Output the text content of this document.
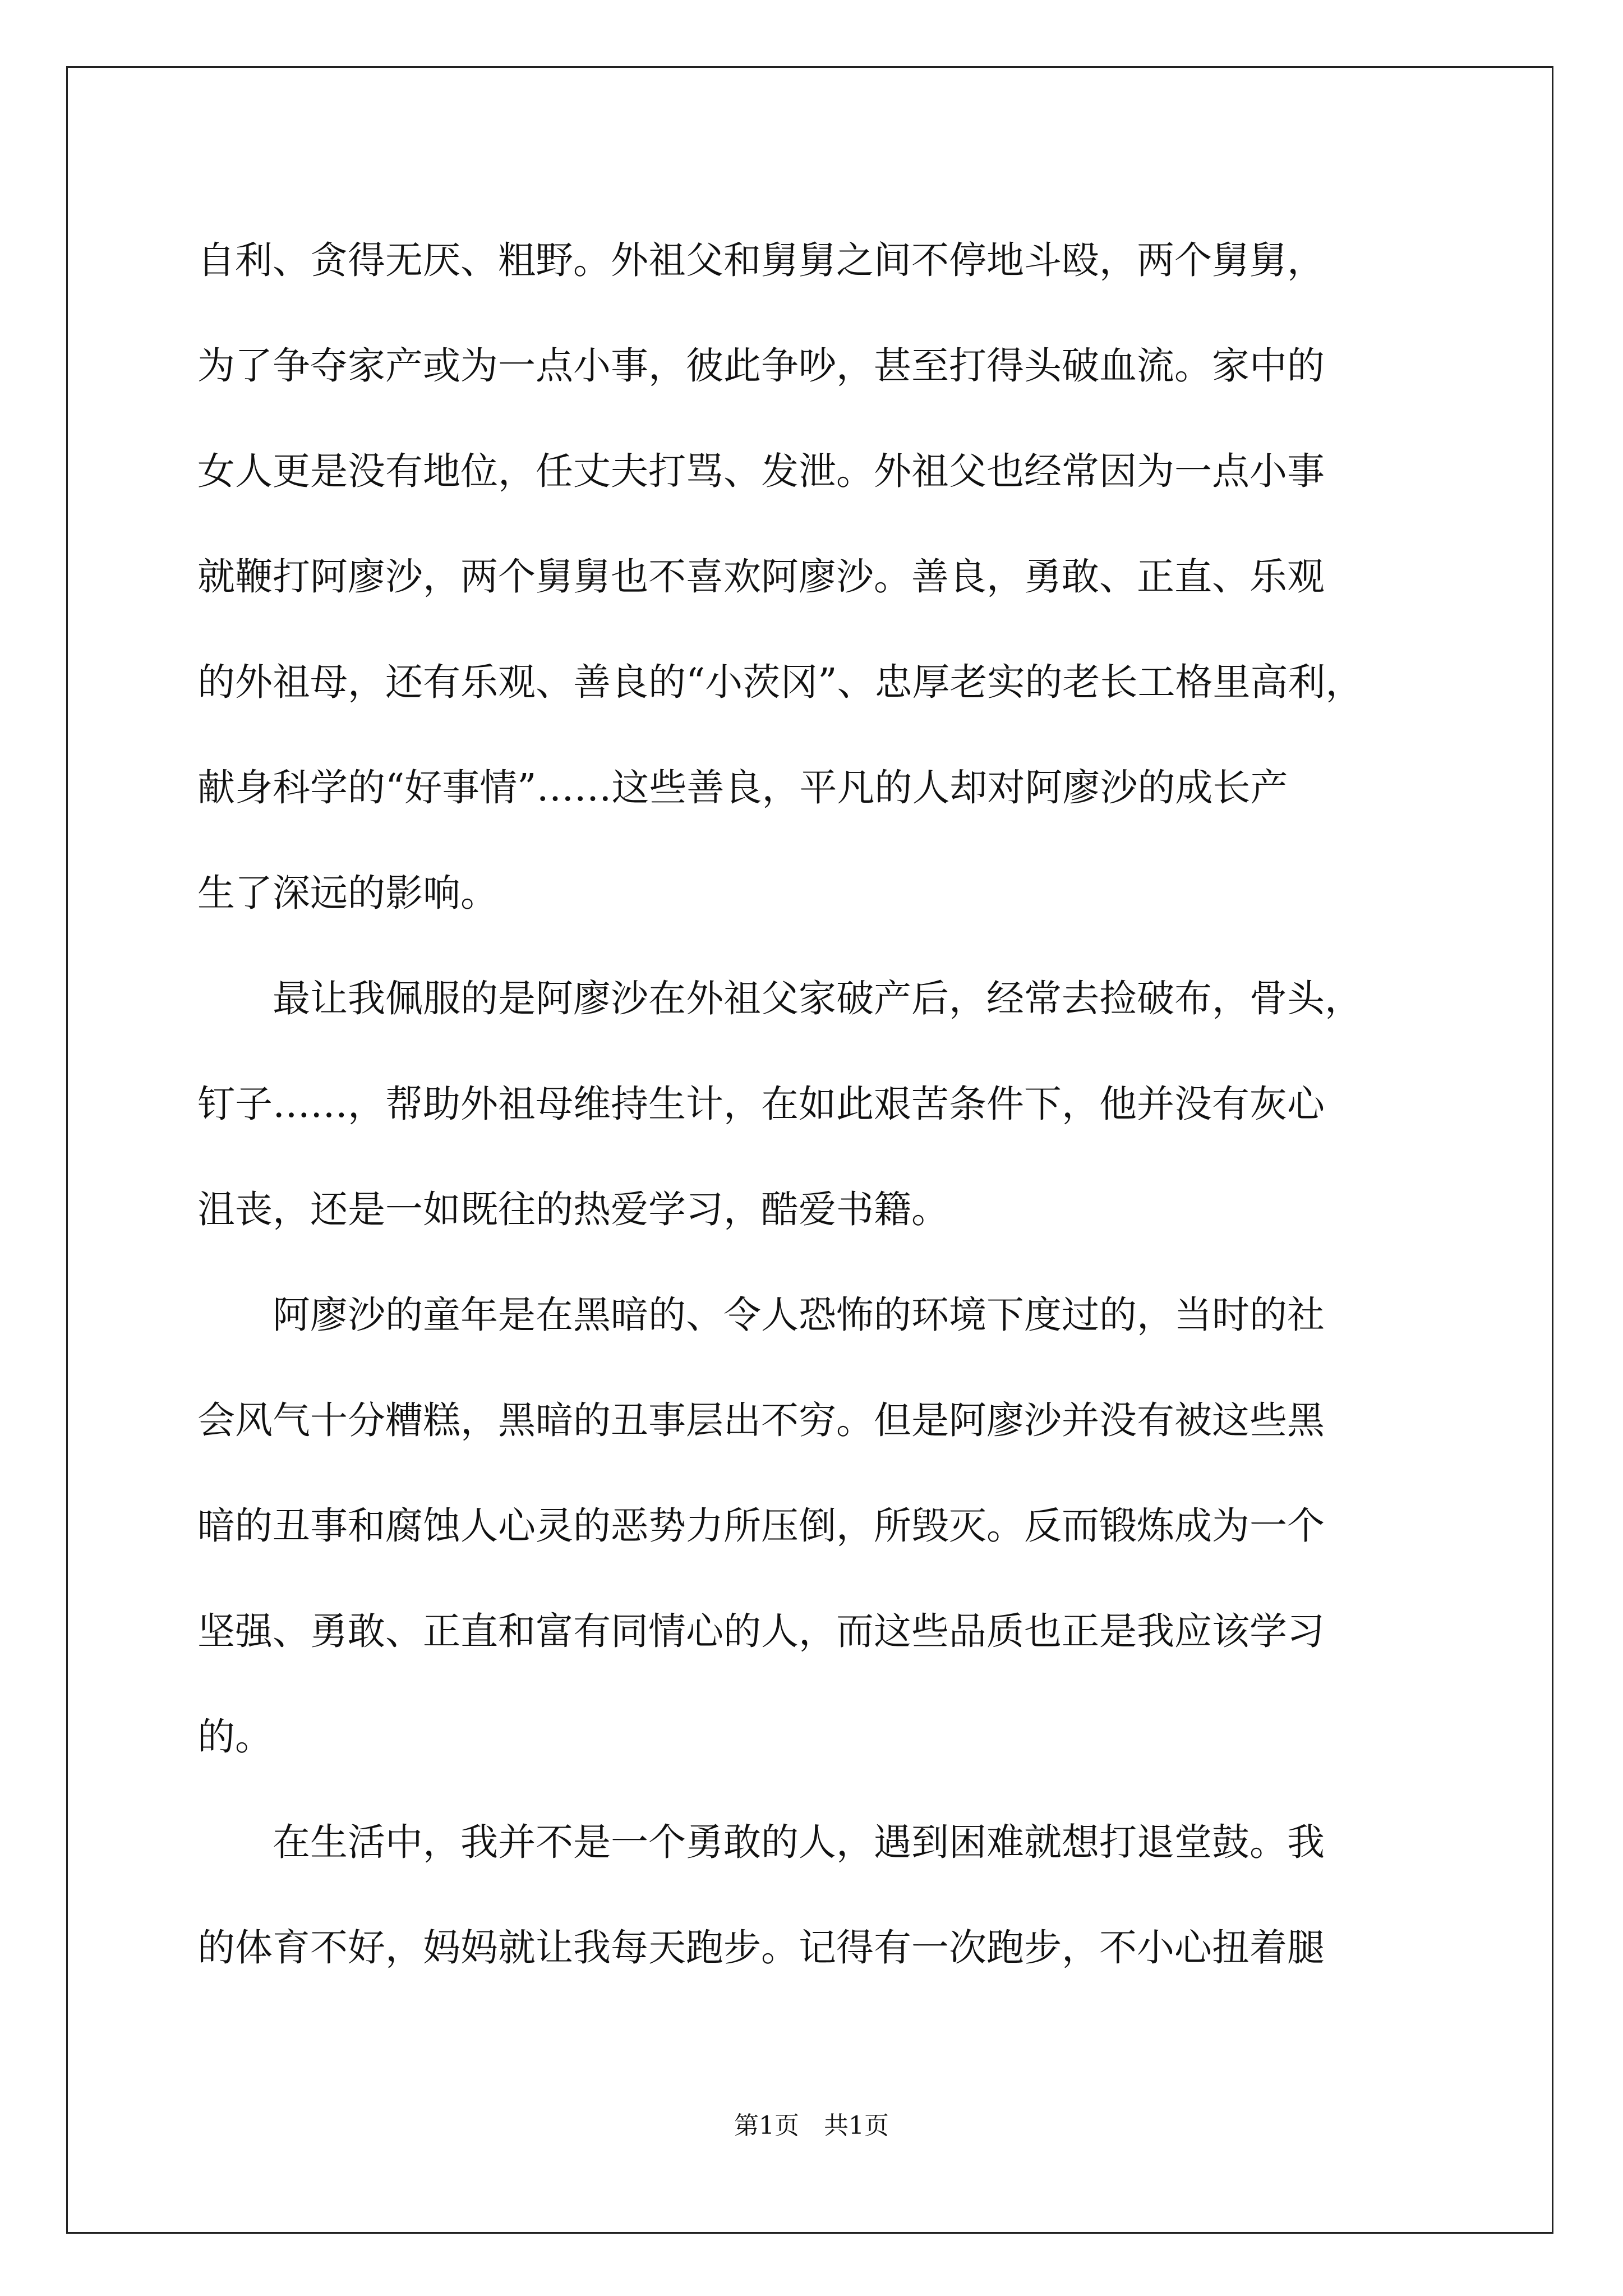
自利、贪得无厌、粗野。外祖父和舅舅之间不停地斗殴，两个舅舅，
为了争夺家产或为一点小事，彼此争吵，甚至打得头破血流。家中的
女人更是没有地位，任丈夫打骂、发泄。外祖父也经常因为一点小事
就鞭打阿廖沙，两个舅舅也不喜欢阿廖沙。善良，勇敢、正直、乐观
的外祖母，还有乐观、善良的“小茨冈”、忠厚老实的老长工格里高利，
献身科学的“好事情”……这些善良，平凡的人却对阿廖沙的成长产
生了深远的影响。
　　最让我佩服的是阿廖沙在外祖父家破产后，经常去捡破布，骨头，
钉子……，帮助外祖母维持生计，在如此艰苦条件下，他并没有灰心
沮丧，还是一如既往的热爱学习，酷爱书籍。
　　阿廖沙的童年是在黑暗的、令人恐怖的环境下度过的，当时的社
会风气十分糟糕，黑暗的丑事层出不穷。但是阿廖沙并没有被这些黑
暗的丑事和腐蚀人心灵的恶势力所压倒，所毁灭。反而锻炼成为一个
坚强、勇敢、正直和富有同情心的人，而这些品质也正是我应该学习
的。
　　在生活中，我并不是一个勇敢的人，遇到困难就想打退堂鼓。我
的体育不好，妈妈就让我每天跑步。记得有一次跑步，不小心扭着腿
第1页　共1页
